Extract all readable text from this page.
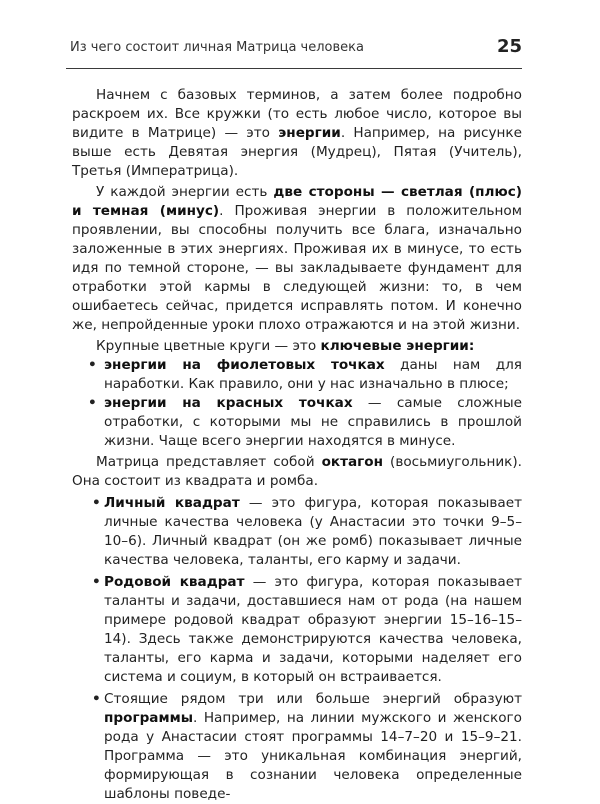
Из чего состоит личная Матрица человека	25

Начнем с базовых терминов, а затем более подробно раскроем их. Все кружки (то есть любое число, которое вы видите в Матрице) — это энергии. Например, на рисунке выше есть Девятая энергия (Мудрец), Пятая (Учитель), Третья (Императрица).

У каждой энергии есть две стороны — светлая (плюс) и темная (минус). Проживая энергии в положительном проявлении, вы способны получить все блага, изначально заложенные в этих энергиях. Проживая их в минусе, то есть идя по темной стороне, — вы закладываете фундамент для отработки этой кармы в следующей жизни: то, в чем ошибаетесь сейчас, придется исправлять потом. И конечно же, непройденные уроки плохо отражаются и на этой жизни.

Крупные цветные круги — это ключевые энергии:

• энергии на фиолетовых точках даны нам для наработки. Как правило, они у нас изначально в плюсе;
• энергии на красных точках — самые сложные отработки, с которыми мы не справились в прошлой жизни. Чаще всего энергии находятся в минусе.

Матрица представляет собой октагон (восьмиугольник). Она состоит из квадрата и ромба.

• Личный квадрат — это фигура, которая показывает личные качества человека (у Анастасии это точки 9–5–10–6). Личный квадрат (он же ромб) показывает личные качества человека, таланты, его карму и задачи.
• Родовой квадрат — это фигура, которая показывает таланты и задачи, доставшиеся нам от рода (на нашем примере родовой квадрат образуют энергии 15–16–15–14). Здесь также демонстрируются качества человека, таланты, его карма и задачи, которыми наделяет его система и социум, в который он встраивается.
• Стоящие рядом три или больше энергий образуют программы. Например, на линии мужского и женского рода у Анастасии стоят программы 14–7–20 и 15–9–21. Программа — это уникальная комбинация энергий, формирующая в сознании человека определенные шаблоны поведе-
